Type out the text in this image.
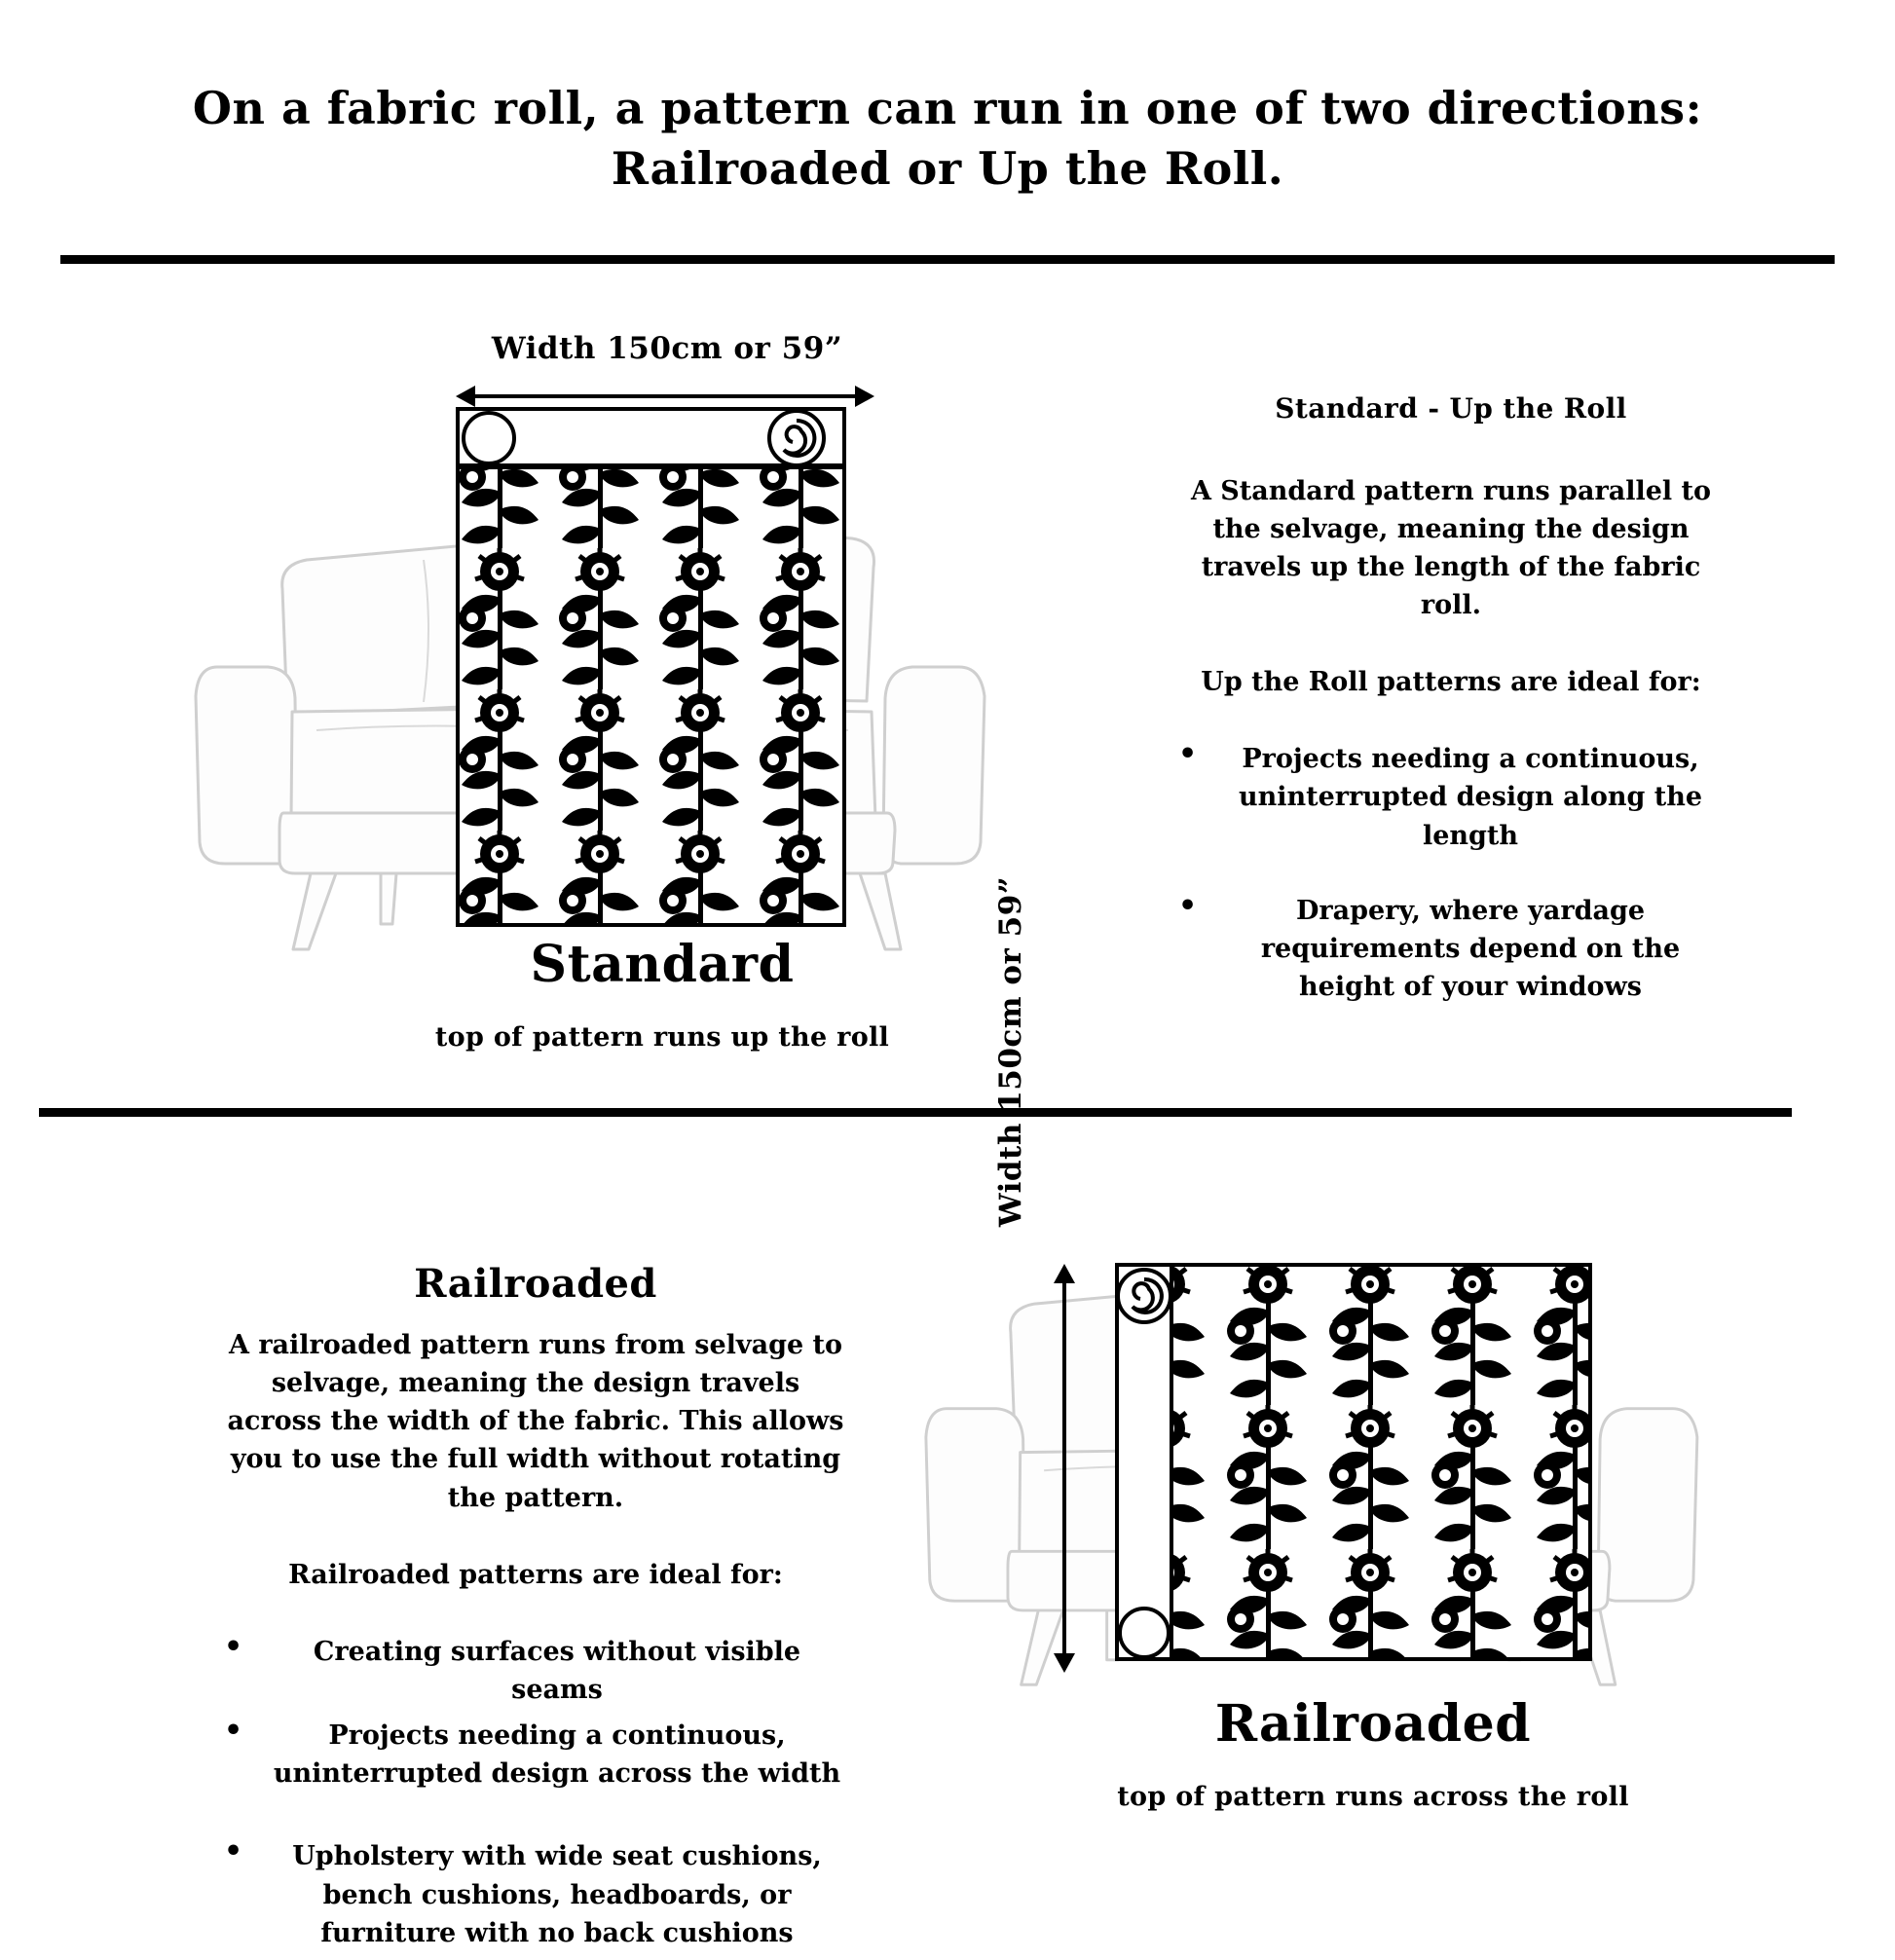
On a fabric roll, a pattern can run in one of two directions:
Railroaded or Up the Roll.
Width 150cm or 59”
Standard
top of pattern runs up the roll
Standard - Up the Roll

A Standard pattern runs parallel to the selvage, meaning the design travels up the length of the fabric roll.

Up the Roll patterns are ideal for:

• Projects needing a continuous, uninterrupted design along the length
•	Drapery, where yardage requirements depend on the height of your windows
Railroaded

A railroaded pattern runs from selvage to selvage, meaning the design travels across the width of the fabric. This allows you to use the full width without rotating the pattern.

Railroaded patterns are ideal for:

•	Creating surfaces without visible seams
•	Projects needing a continuous, uninterrupted design across the width
• Upholstery with wide seat cushions, bench cushions, headboards, or furniture with no back cushions
Width 150cm or 59”
Railroaded
top of pattern runs across the roll
